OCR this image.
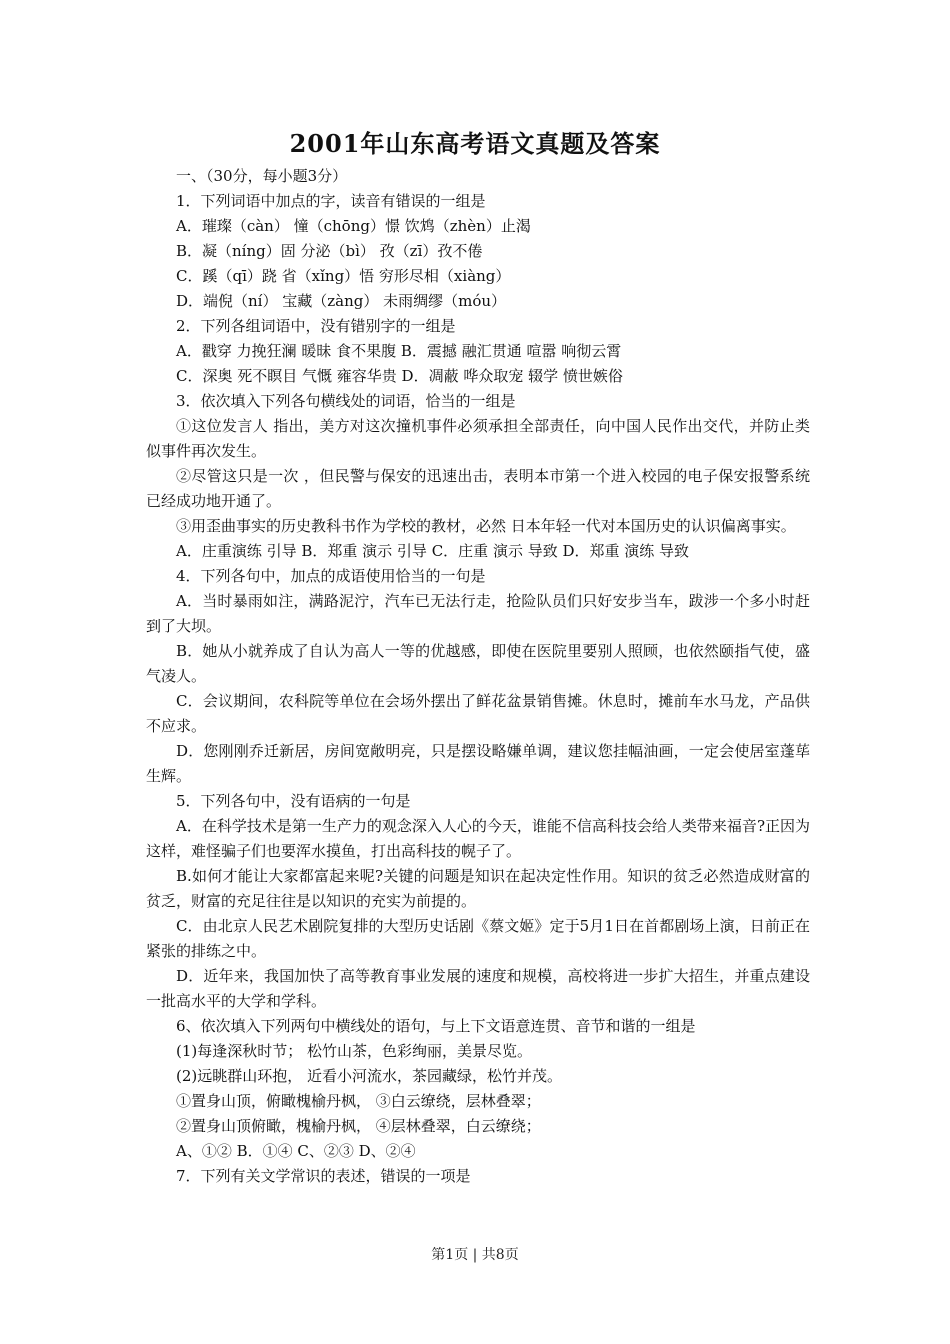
2001年山东高考语文真题及答案

一、（30分，每小题3分）

1．下列词语中加点的字，读音有错误的一组是

A．璀璨（càn） 憧（chōng）憬 饮鸩（zhèn）止渴

B．凝（níng）固 分泌（bì） 孜（zī）孜不倦

C．蹊（qī）跷 省（xǐng）悟 穷形尽相（xiàng）

D．端倪（ní） 宝藏（zàng） 未雨绸缪（móu）

2．下列各组词语中，没有错别字的一组是

A．戳穿 力挽狂澜 暖昧 食不果腹 B．震撼 融汇贯通 喧嚣 响彻云霄

C．深奥 死不瞑目 气慨 雍容华贵 D．凋蔽 哗众取宠 辍学 愤世嫉俗

3．依次填入下列各句横线处的词语，恰当的一组是

①这位发言人 指出，美方对这次撞机事件必须承担全部责任，向中国人民作出交代，并防止类似事件再次发生。

②尽管这只是一次 ，但民警与保安的迅速出击，表明本市第一个进入校园的电子保安报警系统已经成功地开通了。

③用歪曲事实的历史教科书作为学校的教材，必然 日本年轻一代对本国历史的认识偏离事实。

A．庄重演练 引导 B．郑重 演示 引导 C．庄重 演示 导致 D．郑重 演练 导致

4．下列各句中，加点的成语使用恰当的一句是

A．当时暴雨如注，满路泥泞，汽车已无法行走，抢险队员们只好安步当车，跋涉一个多小时赶到了大坝。

B．她从小就养成了自认为高人一等的优越感，即使在医院里要别人照顾，也依然颐指气使，盛气凌人。

C．会议期间，农科院等单位在会场外摆出了鲜花盆景销售摊。休息时，摊前车水马龙，产品供不应求。

D．您刚刚乔迁新居，房间宽敞明亮，只是摆设略嫌单调，建议您挂幅油画，一定会使居室蓬荜生辉。

5．下列各句中，没有语病的一句是

A．在科学技术是第一生产力的观念深入人心的今天，谁能不信高科技会给人类带来福音?正因为这样，难怪骗子们也要浑水摸鱼，打出高科技的幌子了。

B.如何才能让大家都富起来呢?关键的问题是知识在起决定性作用。知识的贫乏必然造成财富的贫乏，财富的充足往往是以知识的充实为前提的。

C．由北京人民艺术剧院复排的大型历史话剧《蔡文姬》定于5月1日在首都剧场上演，日前正在紧张的排练之中。

D．近年来，我国加快了高等教育事业发展的速度和规模，高校将进一步扩大招生，并重点建设一批高水平的大学和学科。

6、依次填入下列两句中横线处的语句，与上下文语意连贯、音节和谐的一组是

(1)每逢深秋时节； 松竹山茶，色彩绚丽，美景尽览。

(2)远眺群山环抱， 近看小河流水，茶园藏绿，松竹并茂。

①置身山顶，俯瞰槐榆丹枫， ③白云缭绕，层林叠翠；

②置身山顶俯瞰，槐榆丹枫， ④层林叠翠，白云缭绕；

A、①② B．①④ C、②③ D、②④

7．下列有关文学常识的表述，错误的一项是

第1页 | 共8页
